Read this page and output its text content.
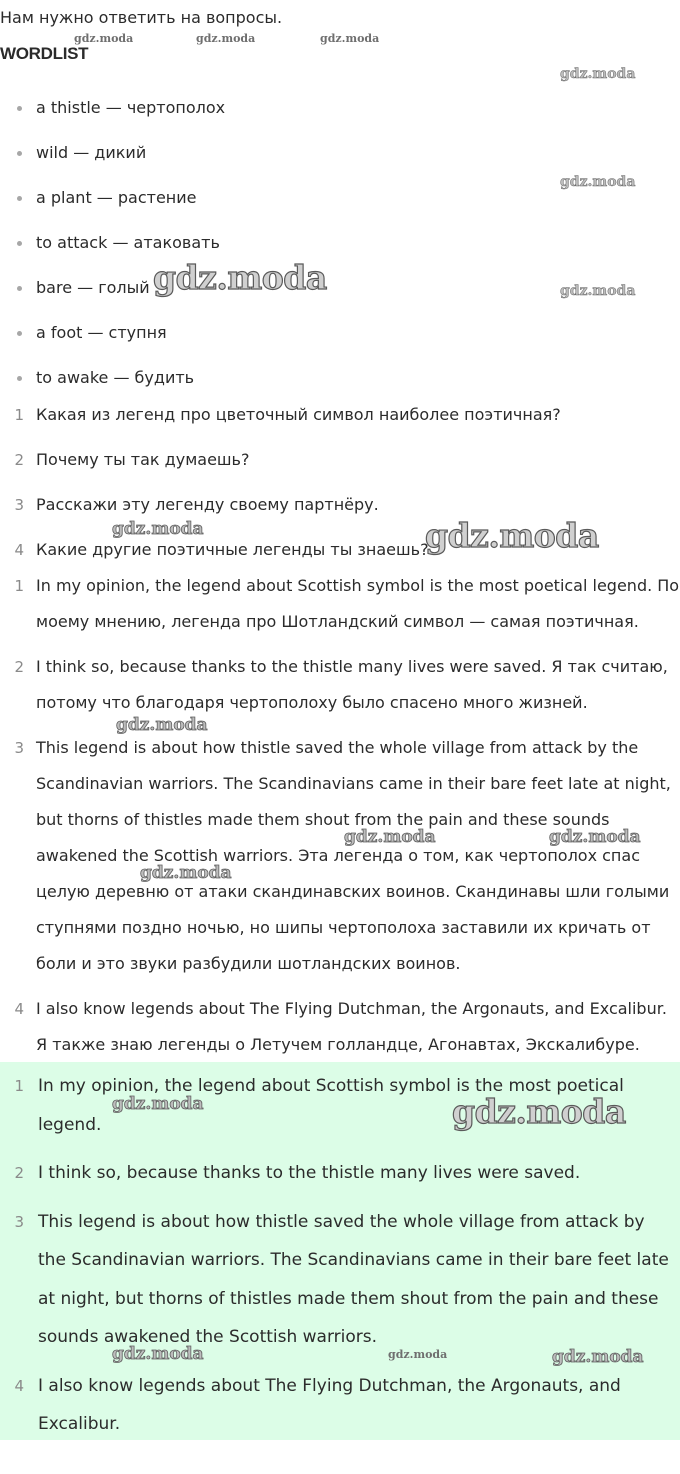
Нам нужно ответить на вопросы.

WORDLIST

a thistle — чертополох
wild — дикий
a plant — растение
to attack — атаковать
bare — голый
a foot — ступня
to awake — будить
1 Какая из легенд про цветочный символ наиболее поэтичная?
2 Почему ты так думаешь?
3 Расскажи эту легенду своему партнёру.
4 Какие другие поэтичные легенды ты знаешь?
1 In my opinion, the legend about Scottish symbol is the most poetical legend. По моему мнению, легенда про Шотландский символ — самая поэтичная.
2 I think so, because thanks to the thistle many lives were saved. Я так считаю, потому что благодаря чертополоху было спасено много жизней.
3 This legend is about how thistle saved the whole village from attack by the Scandinavian warriors. The Scandinavians came in their bare feet late at night, but thorns of thistles made them shout from the pain and these sounds awakened the Scottish warriors. Эта легенда о том, как чертополох спас целую деревню от атаки скандинавских воинов. Скандинавы шли голыми ступнями поздно ночью, но шипы чертополоха заставили их кричать от боли и это звуки разбудили шотландских воинов.
4 I also know legends about The Flying Dutchman, the Argonauts, and Excalibur. Я также знаю легенды о Летучем голландце, Агонавтах, Экскалибуре.
1 In my opinion, the legend about Scottish symbol is the most poetical legend.
2 I think so, because thanks to the thistle many lives were saved.
3 This legend is about how thistle saved the whole village from attack by the Scandinavian warriors. The Scandinavians came in their bare feet late at night, but thorns of thistles made them shout from the pain and these sounds awakened the Scottish warriors.
4 I also know legends about The Flying Dutchman, the Argonauts, and Excalibur.
gdz.moda	gdz.moda	gdz.moda
gdz.moda
gdz.moda
gdz.moda
gdz.moda
gdz.moda	gdz.moda
gdz.moda
gdz.moda	gdz.moda
gdz.moda
gdz.moda	gdz.moda
gdz.moda	gdz.moda	gdz.moda
